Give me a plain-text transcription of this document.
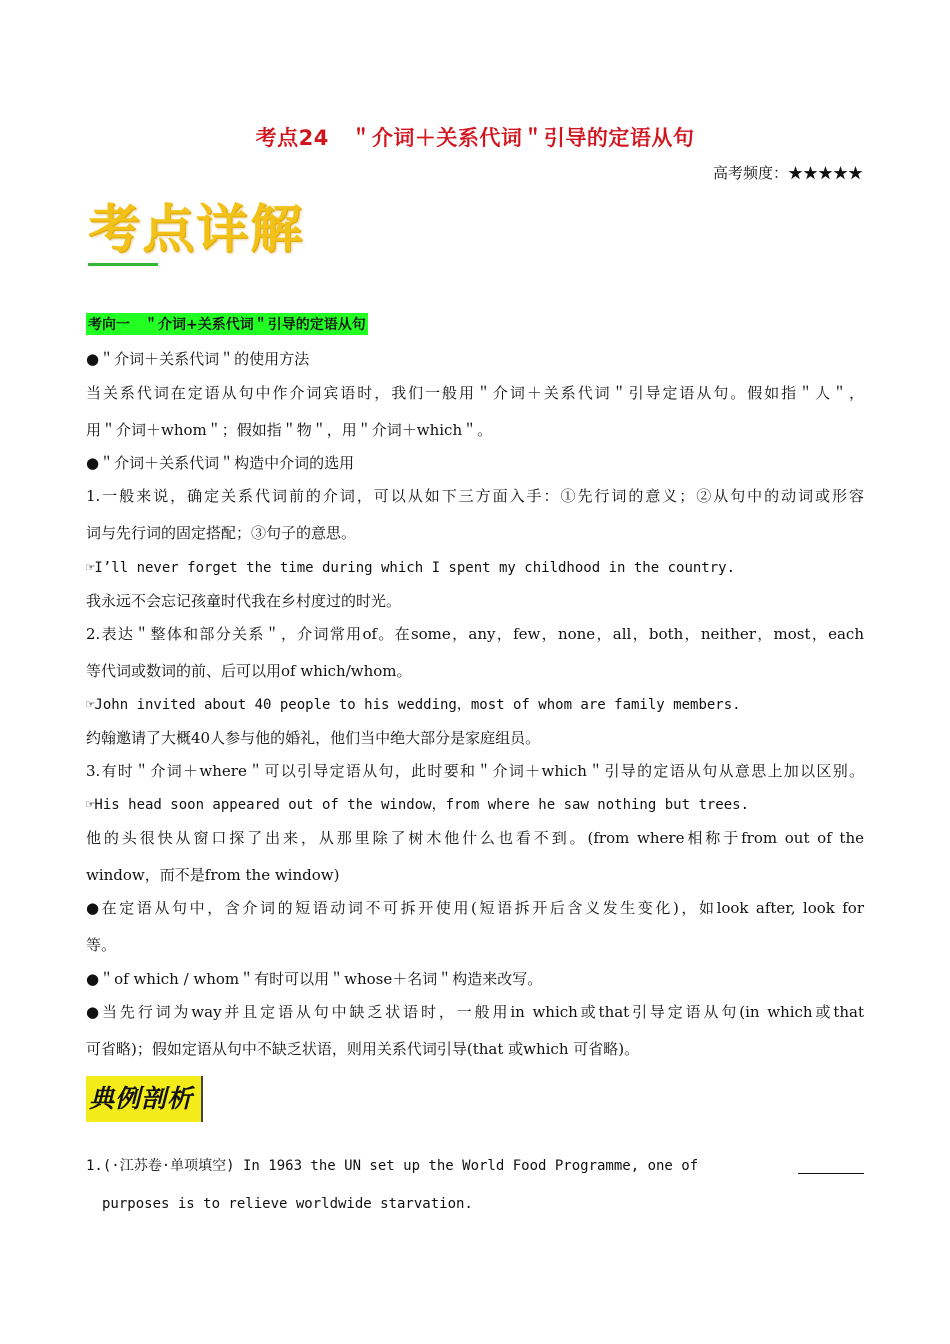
考点24　＂介词＋关系代词＂引导的定语从句
高考频度：★★★★★
考点详解
考向一　＂介词+关系代词＂引导的定语从句
●＂介词＋关系代词＂的使用方法
当关系代词在定语从句中作介词宾语时，我们一般用＂介词＋关系代词＂引导定语从句。假如指＂人＂，
用＂介词＋whom＂；假如指＂物＂，用＂介词＋which＂。
●＂介词＋关系代词＂构造中介词的选用
1.一般来说，确定关系代词前的介词，可以从如下三方面入手：①先行词的意义；②从句中的动词或形容
词与先行词的固定搭配；③句子的意思。
☞I’ll never forget the time during which I spent my childhood in the country.
我永远不会忘记孩童时代我在乡村度过的时光。
2.表达＂整体和部分关系＂，介词常用of。在some，any，few，none，all，both，neither，most，each
等代词或数词的前、后可以用of which/whom。
☞John invited about 40 people to his wedding，most of whom are family members.
约翰邀请了大概40人参与他的婚礼，他们当中绝大部分是家庭组员。
3.有时＂介词＋where＂可以引导定语从句，此时要和＂介词＋which＂引导的定语从句从意思上加以区别。
☞His head soon appeared out of the window，from where he saw nothing but trees.
他的头很快从窗口探了出来，从那里除了树木他什么也看不到。(from where相称于from out of the
window，而不是from the window)
●在定语从句中，含介词的短语动词不可拆开使用(短语拆开后含义发生变化)，如look after, look for
等。
●＂of which / whom＂有时可以用＂whose＋名词＂构造来改写。
●当先行词为way并且定语从句中缺乏状语时，一般用in which或that引导定语从句(in which或that
可省略)；假如定语从句中不缺乏状语，则用关系代词引导(that 或which 可省略)。
典例剖析
1.(·江苏卷·单项填空) In 1963 the UN set up the World Food Programme, one of
purposes is to relieve worldwide starvation.
